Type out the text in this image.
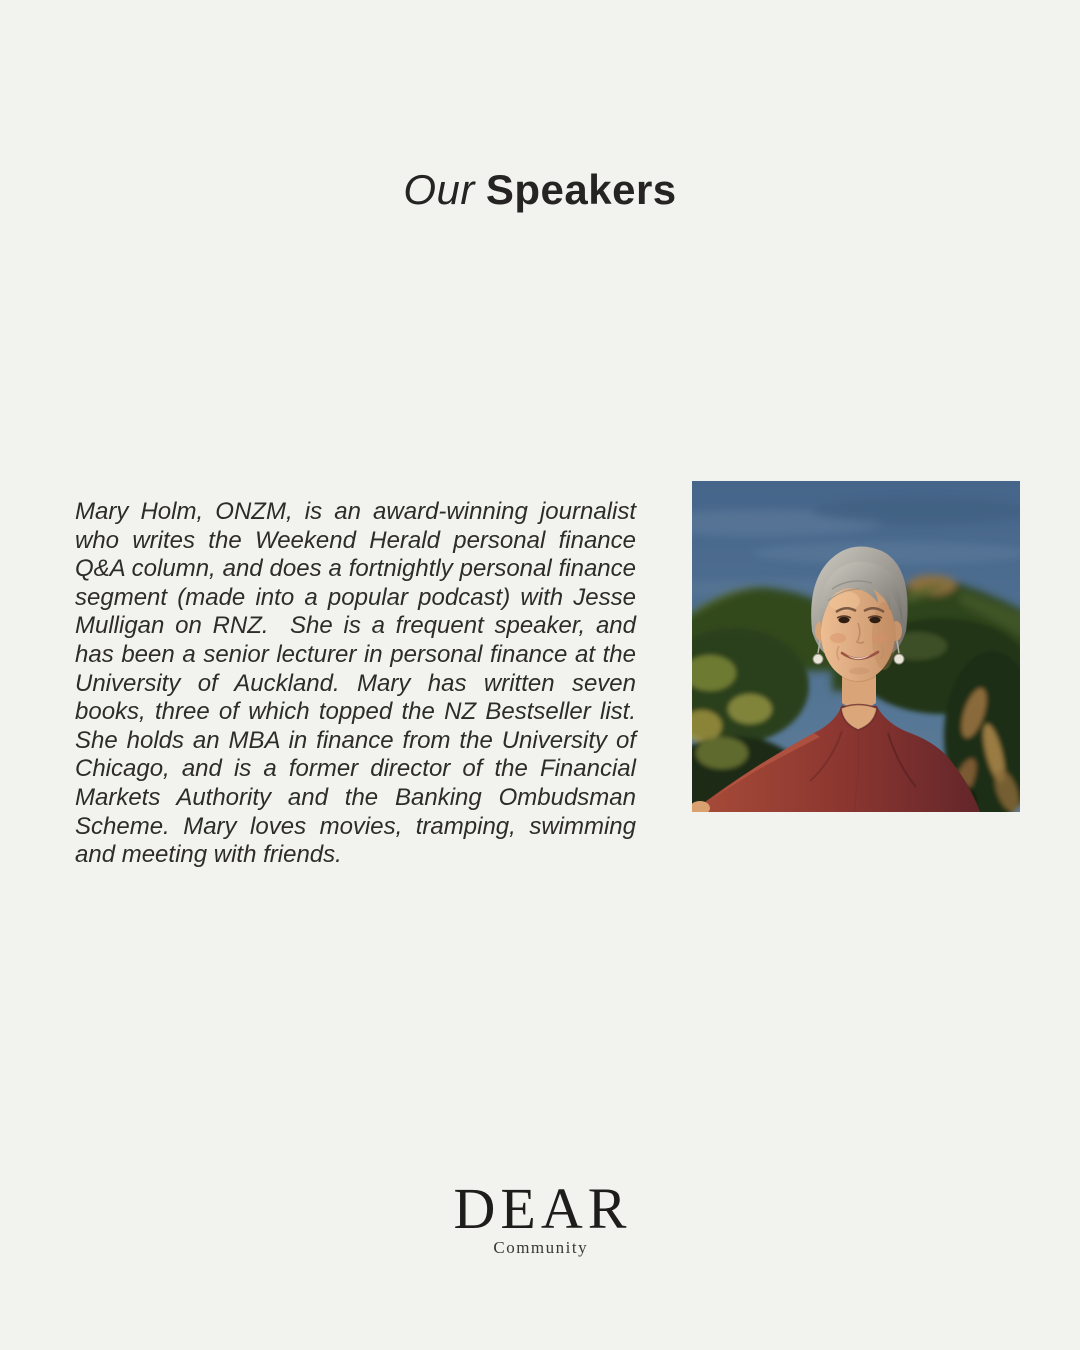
Our Speakers

Mary Holm, ONZM, is an award-winning journalist who writes the Weekend Herald personal finance Q&A column, and does a fortnightly personal finance segment (made into a popular podcast) with Jesse Mulligan on RNZ.  She is a frequent speaker, and has been a senior lecturer in personal finance at the University of Auckland. Mary has written seven books, three of which topped the NZ Bestseller list. She holds an MBA in finance from the University of Chicago, and is a former director of the Financial Markets Authority and the Banking Ombudsman Scheme. Mary loves movies, tramping, swimming and meeting with friends.

DEAR
Community
